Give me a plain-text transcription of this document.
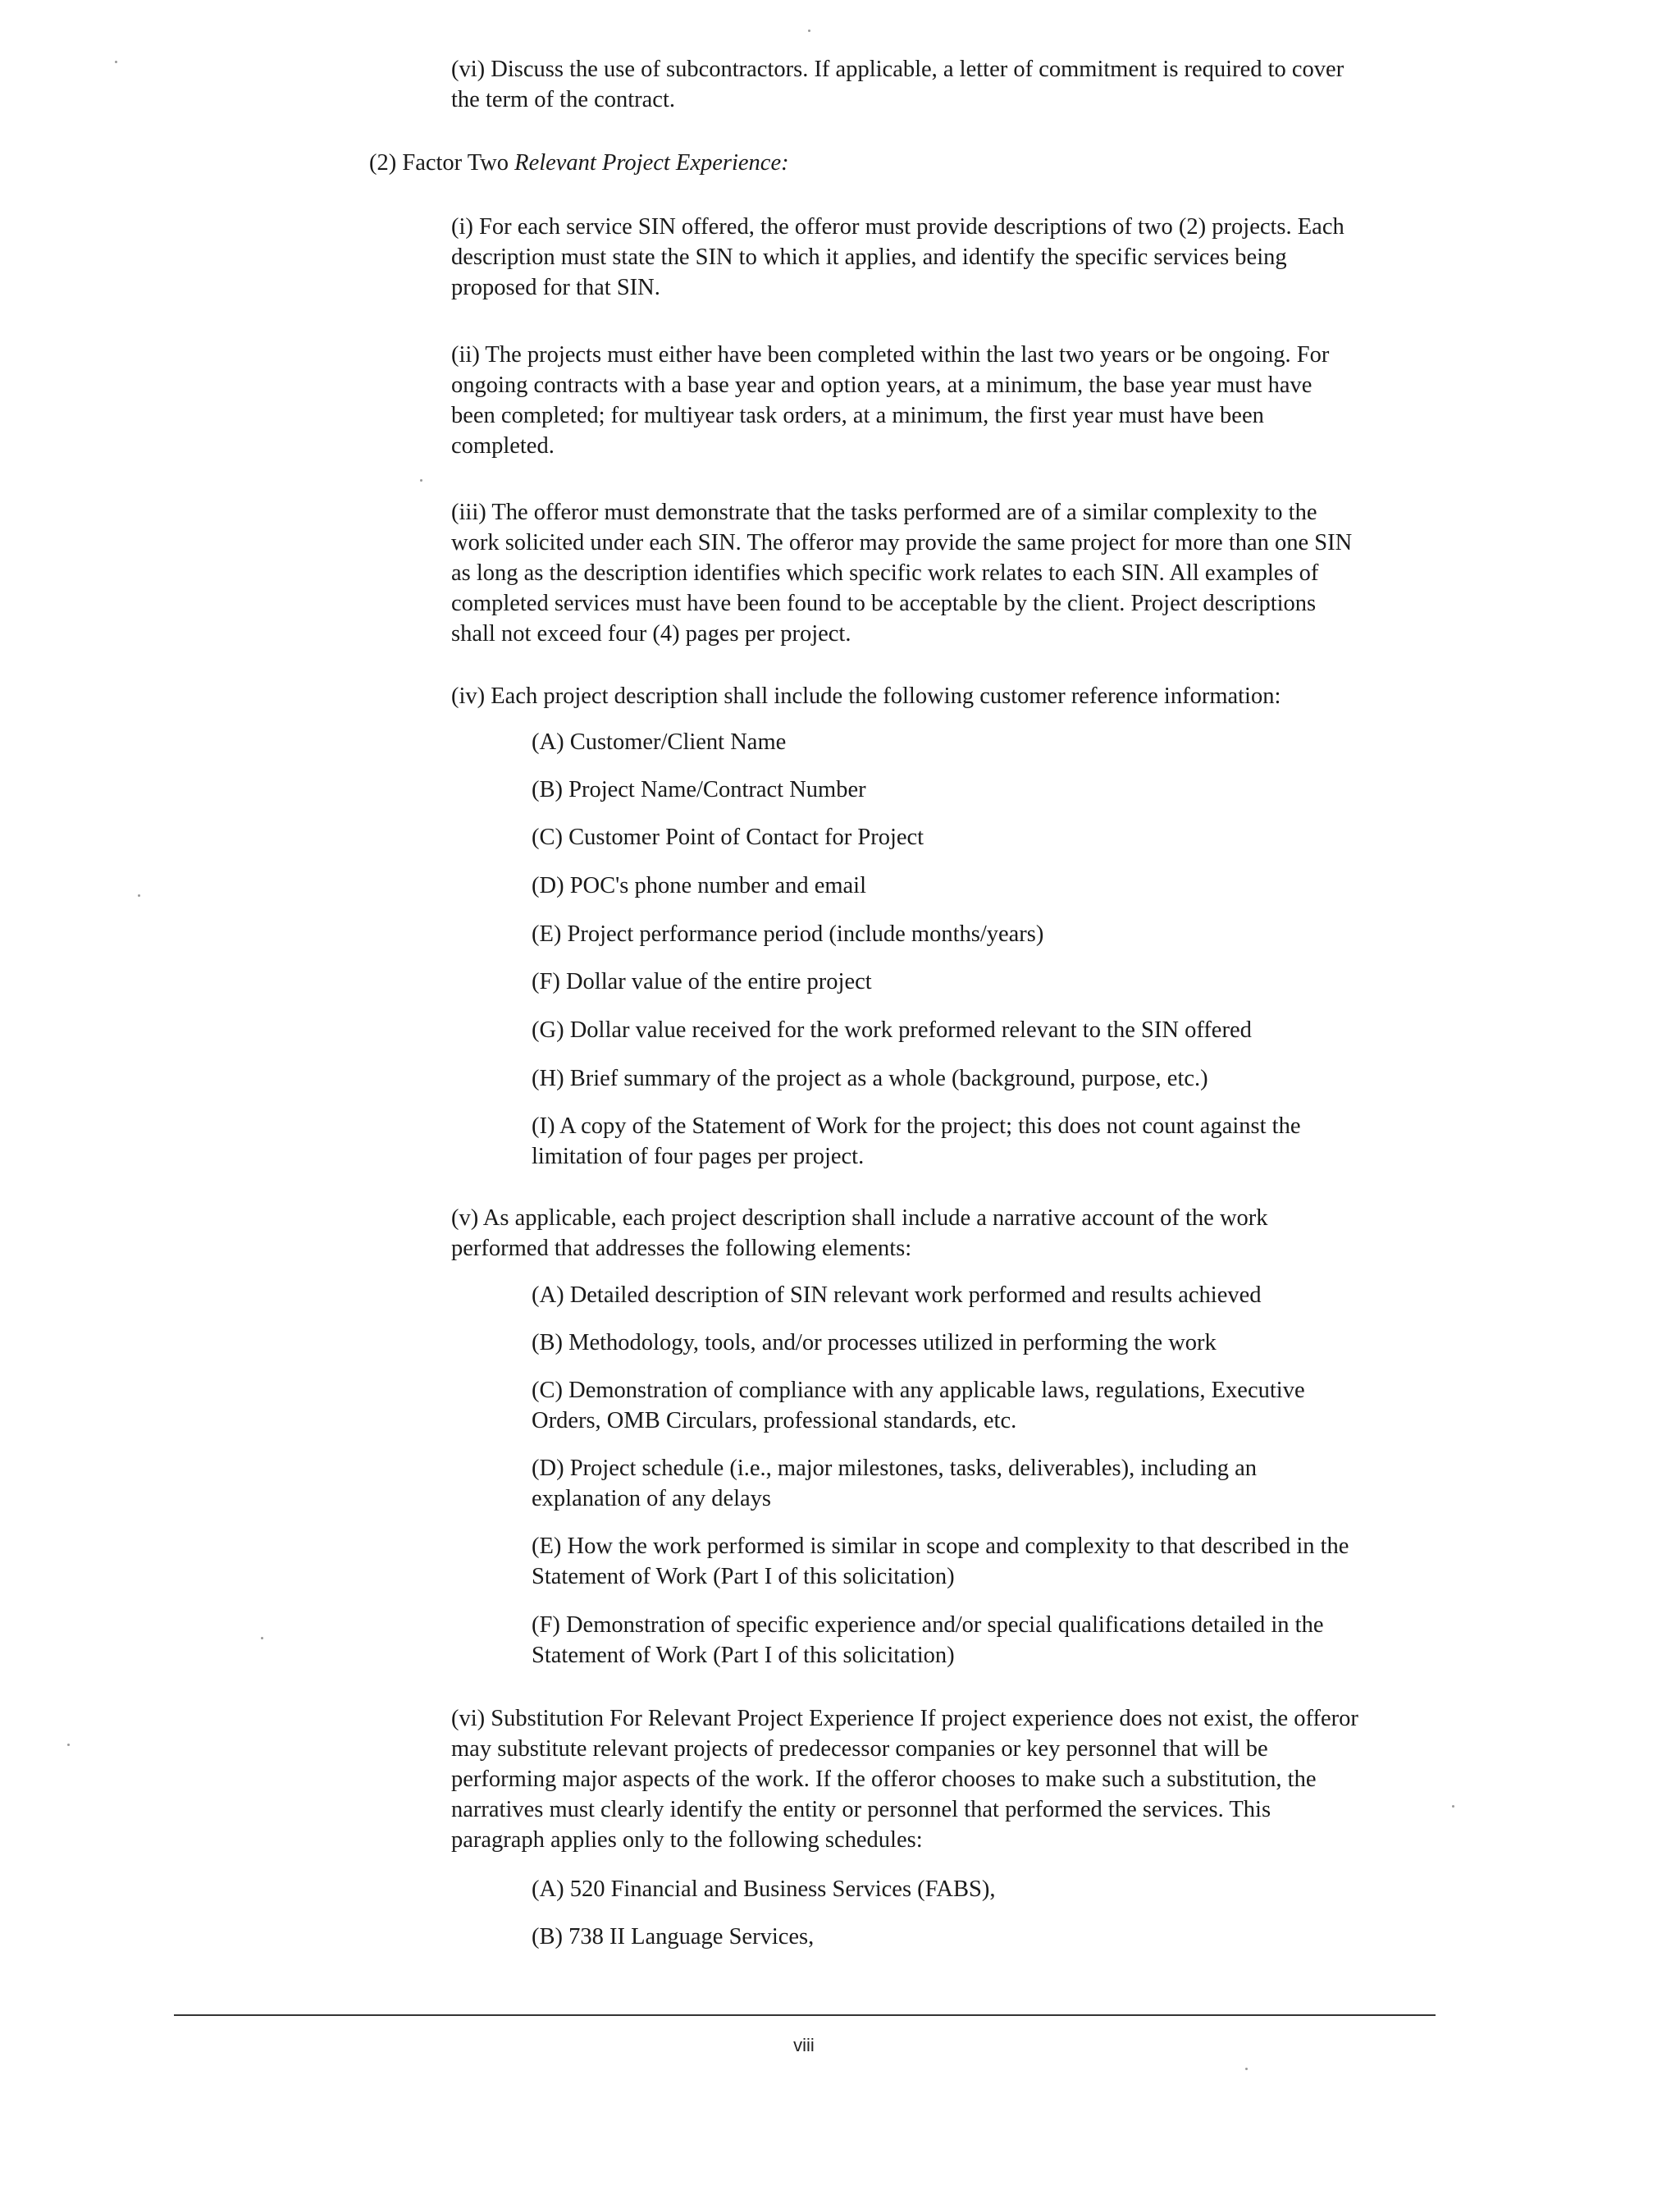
(vi) Discuss the use of subcontractors. If applicable, a letter of commitment is required to cover the term of the contract.

(2) Factor Two Relevant Project Experience:

(i) For each service SIN offered, the offeror must provide descriptions of two (2) projects. Each description must state the SIN to which it applies, and identify the specific services being proposed for that SIN.

(ii) The projects must either have been completed within the last two years or be ongoing. For ongoing contracts with a base year and option years, at a minimum, the base year must have been completed; for multiyear task orders, at a minimum, the first year must have been completed.

(iii) The offeror must demonstrate that the tasks performed are of a similar complexity to the work solicited under each SIN. The offeror may provide the same project for more than one SIN as long as the description identifies which specific work relates to each SIN. All examples of completed services must have been found to be acceptable by the client. Project descriptions shall not exceed four (4) pages per project.

(iv) Each project description shall include the following customer reference information:

(A) Customer/Client Name

(B) Project Name/Contract Number

(C) Customer Point of Contact for Project

(D) POC's phone number and email

(E) Project performance period (include months/years)

(F) Dollar value of the entire project

(G) Dollar value received for the work preformed relevant to the SIN offered

(H) Brief summary of the project as a whole (background, purpose, etc.)

(I) A copy of the Statement of Work for the project; this does not count against the limitation of four pages per project.

(v) As applicable, each project description shall include a narrative account of the work performed that addresses the following elements:

(A) Detailed description of SIN relevant work performed and results achieved

(B) Methodology, tools, and/or processes utilized in performing the work

(C) Demonstration of compliance with any applicable laws, regulations, Executive Orders, OMB Circulars, professional standards, etc.

(D) Project schedule (i.e., major milestones, tasks, deliverables), including an explanation of any delays

(E) How the work performed is similar in scope and complexity to that described in the Statement of Work (Part I of this solicitation)

(F) Demonstration of specific experience and/or special qualifications detailed in the Statement of Work (Part I of this solicitation)

(vi) Substitution For Relevant Project Experience If project experience does not exist, the offeror may substitute relevant projects of predecessor companies or key personnel that will be performing major aspects of the work. If the offeror chooses to make such a substitution, the narratives must clearly identify the entity or personnel that performed the services. This paragraph applies only to the following schedules:

(A) 520 Financial and Business Services (FABS),

(B) 738 II Language Services,

viii
